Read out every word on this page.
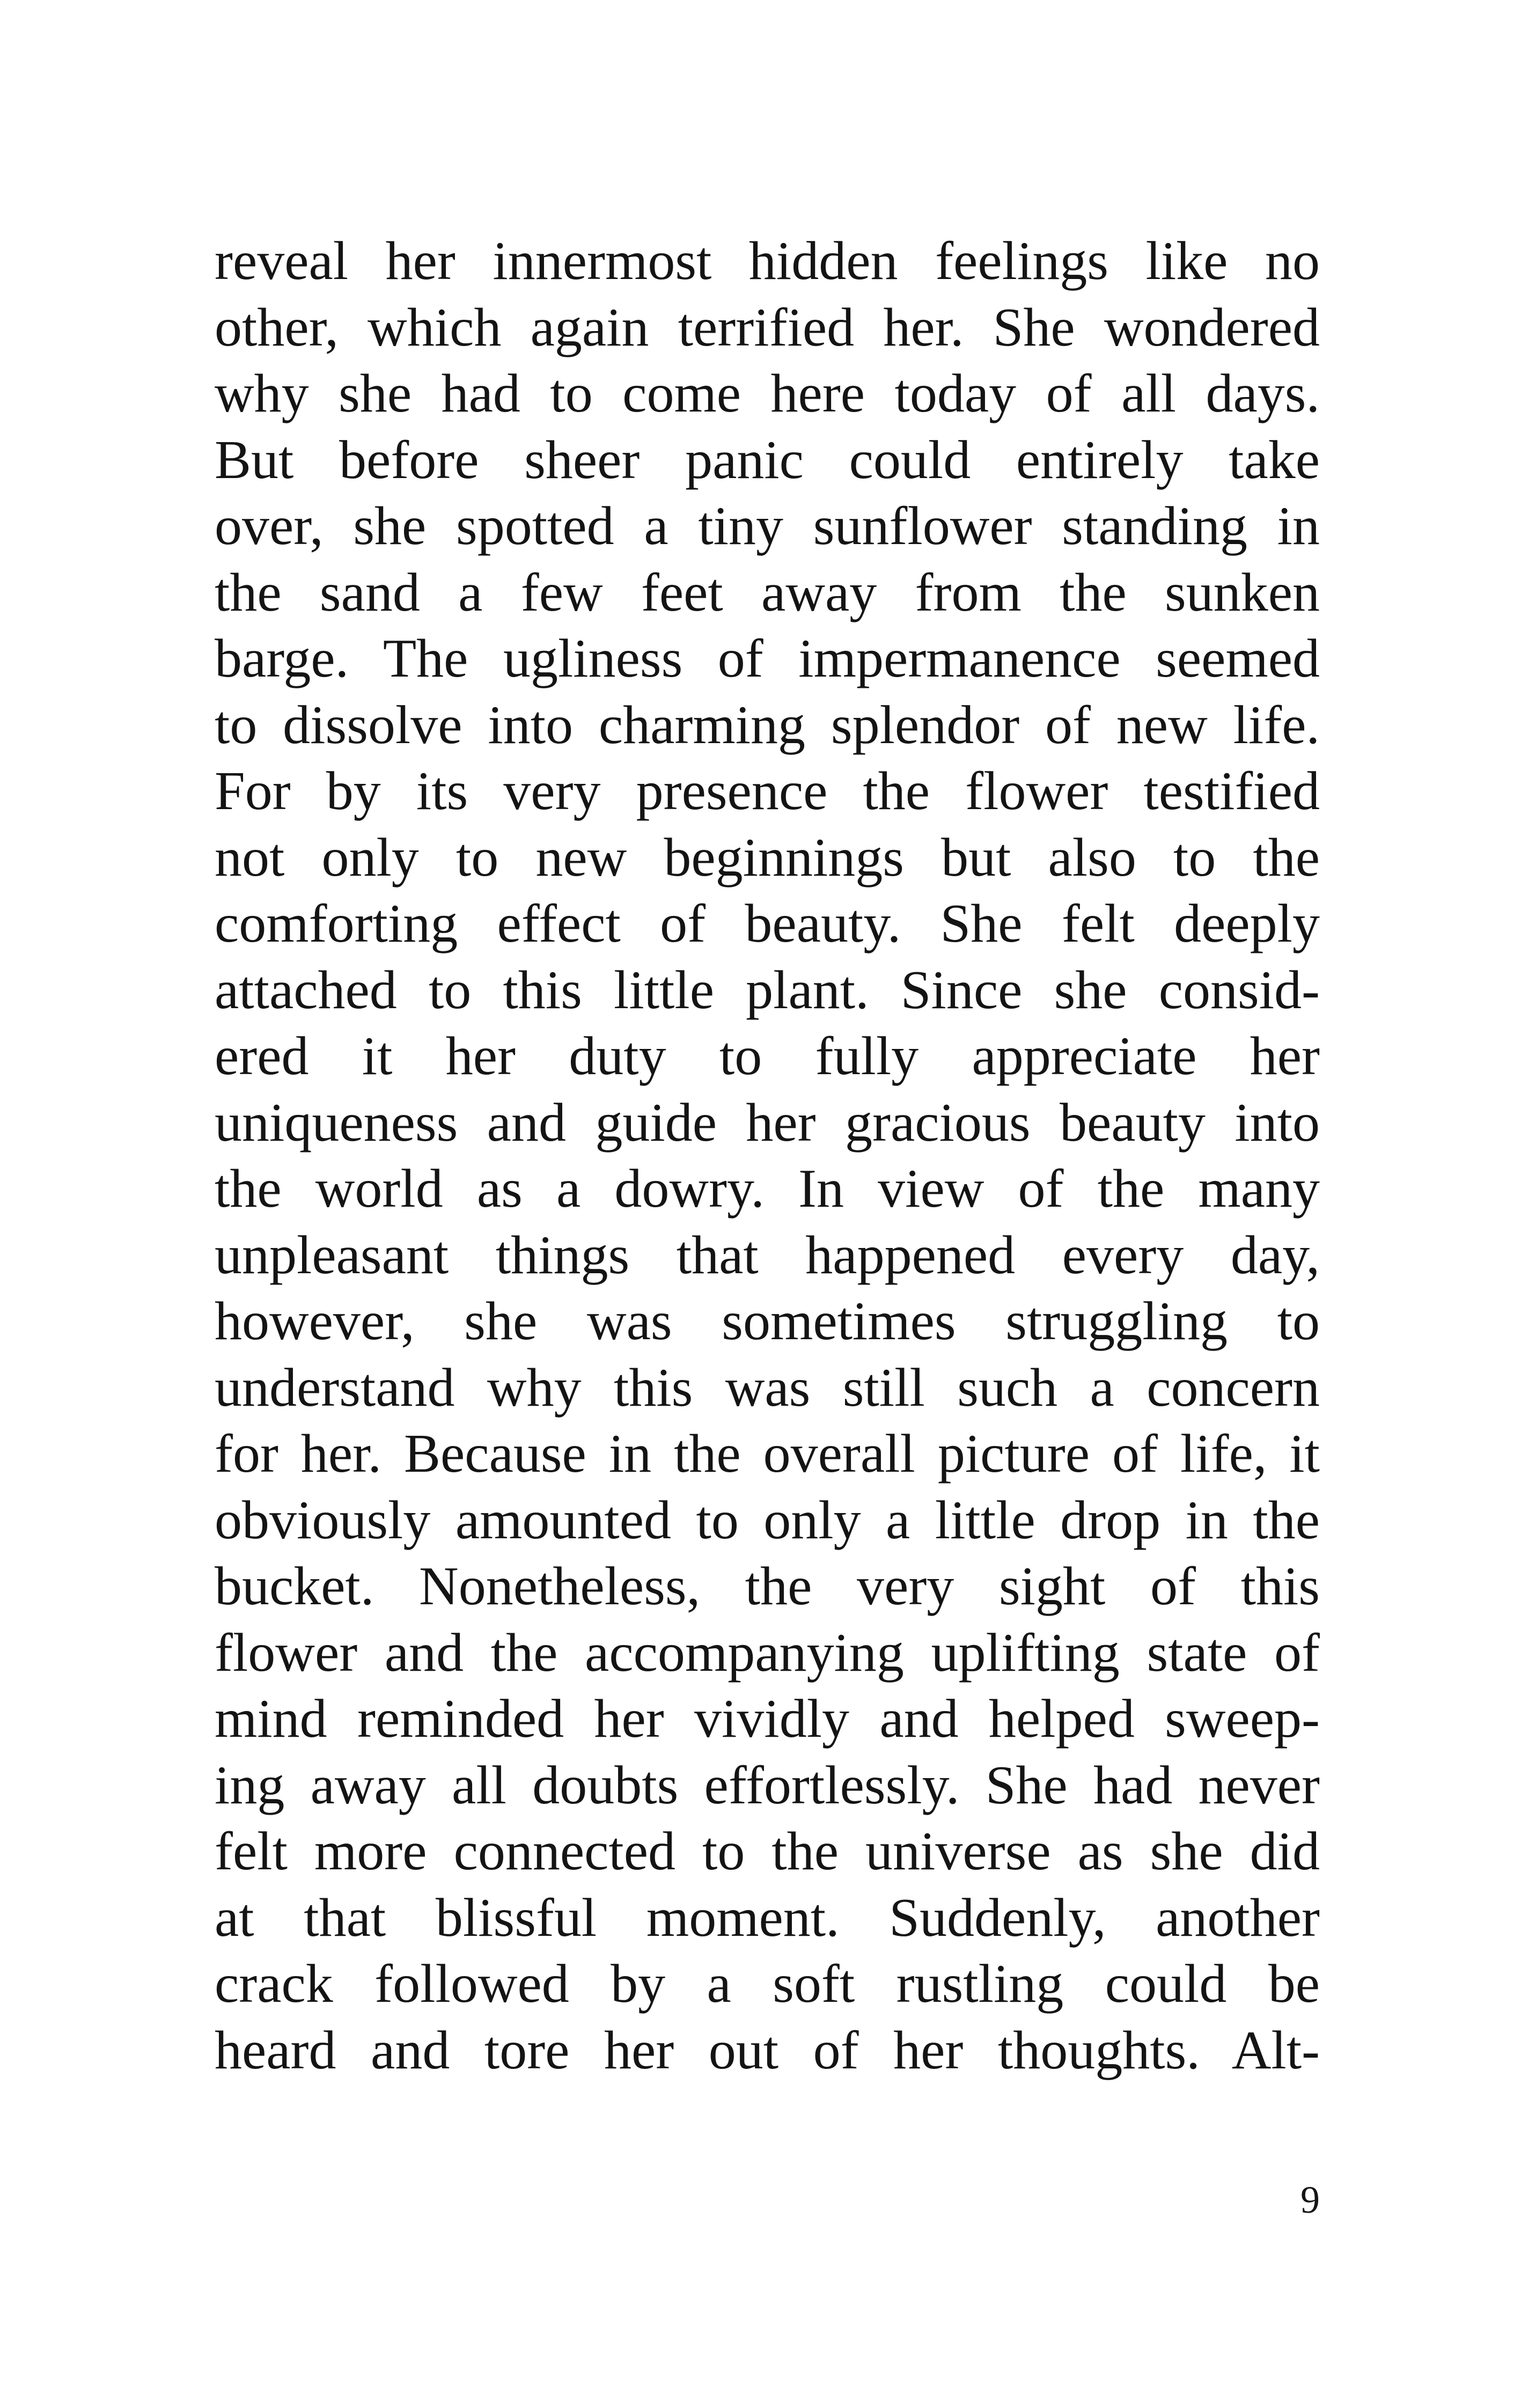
reveal her innermost hidden feelings like no
other, which again terrified her. She wondered
why she had to come here today of all days.
But before sheer panic could entirely take
over, she spotted a tiny sunflower standing in
the sand a few feet away from the sunken
barge. The ugliness of impermanence seemed
to dissolve into charming splendor of new life.
For by its very presence the flower testified
not only to new beginnings but also to the
comforting effect of beauty. She felt deeply
attached to this little plant. Since she consid-
ered it her duty to fully appreciate her
uniqueness and guide her gracious beauty into
the world as a dowry. In view of the many
unpleasant things that happened every day,
however, she was sometimes struggling to
understand why this was still such a concern
for her. Because in the overall picture of life, it
obviously amounted to only a little drop in the
bucket. Nonetheless, the very sight of this
flower and the accompanying uplifting state of
mind reminded her vividly and helped sweep-
ing away all doubts effortlessly. She had never
felt more connected to the universe as she did
at that blissful moment. Suddenly, another
crack followed by a soft rustling could be
heard and tore her out of her thoughts. Alt-
9
